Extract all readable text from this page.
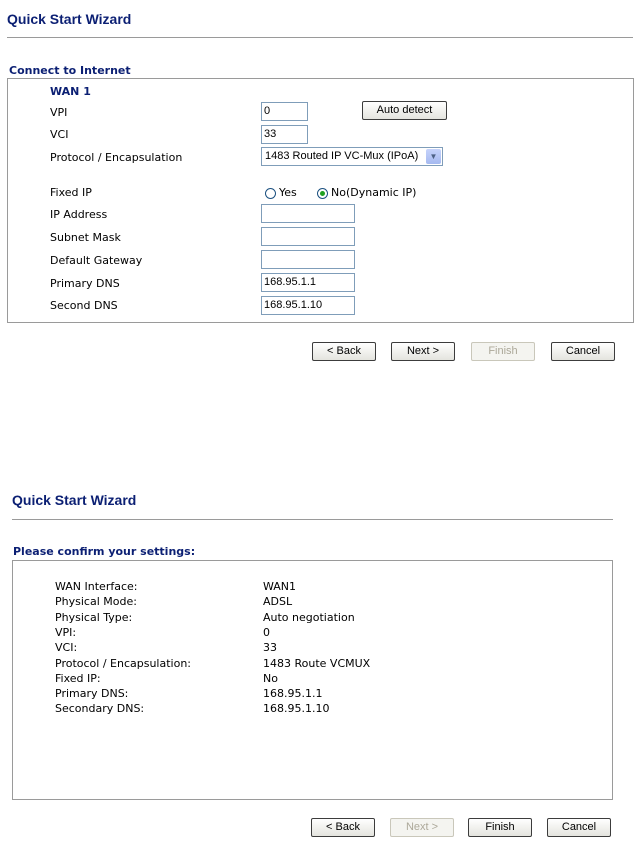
Quick Start Wizard
Connect to Internet
WAN 1
VPI	0	Auto detect
VCI	33
Protocol / Encapsulation	1483 Routed IP VC-Mux (IPoA)	▼
Fixed IP	Yes	No(Dynamic IP)
IP Address
Subnet Mask
Default Gateway
Primary DNS	168.95.1.1
Second DNS	168.95.1.10
< Back	Next >	Finish	Cancel
Quick Start Wizard
Please confirm your settings:
WAN Interface:	WAN1
Physical Mode:	ADSL
Physical Type:	Auto negotiation
VPI:	0
VCI:	33
Protocol / Encapsulation:	1483 Route VCMUX
Fixed IP:	No
Primary DNS:	168.95.1.1
Secondary DNS:	168.95.1.10
< Back	Next >	Finish	Cancel
